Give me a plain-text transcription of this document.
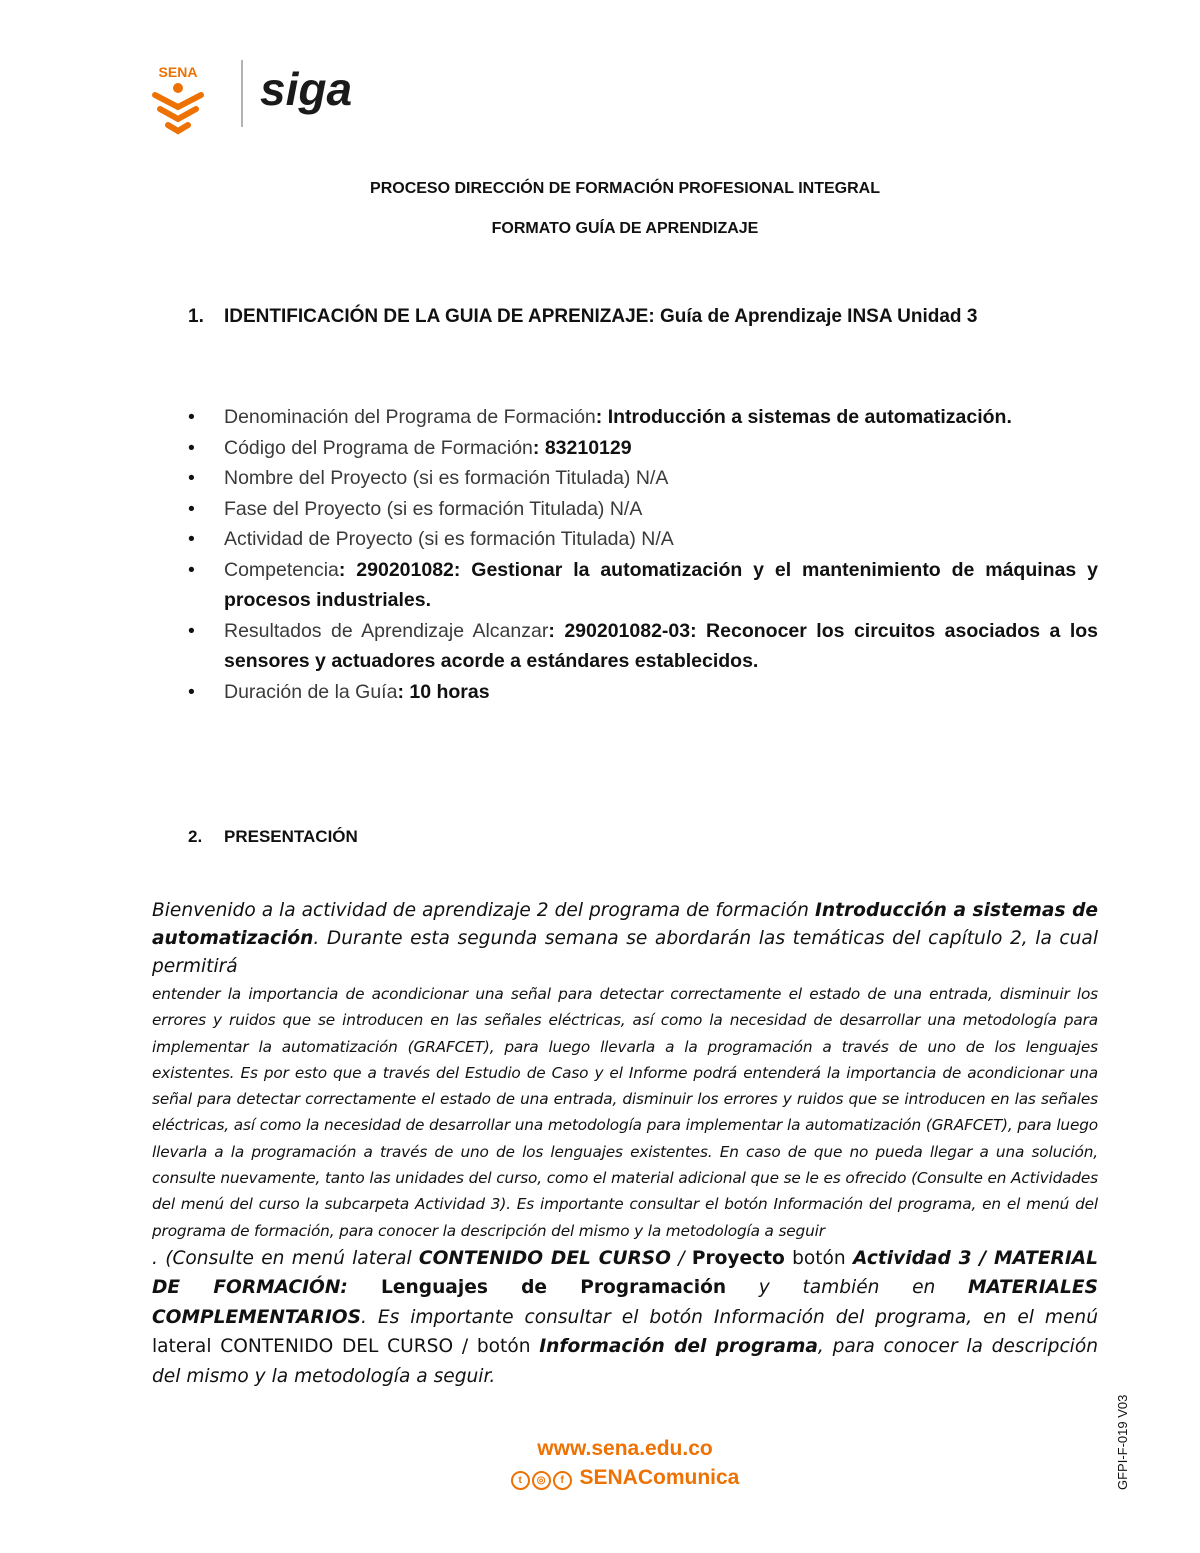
SENA siga
PROCESO DIRECCIÓN DE FORMACIÓN PROFESIONAL INTEGRAL
FORMATO GUÍA DE APRENDIZAJE
1. IDENTIFICACIÓN DE LA GUIA DE APRENIZAJE: Guía de Aprendizaje INSA Unidad 3
• Denominación del Programa de Formación: Introducción a sistemas de automatización.
• Código del Programa de Formación: 83210129
• Nombre del Proyecto (si es formación Titulada) N/A
• Fase del Proyecto (si es formación Titulada) N/A
• Actividad de Proyecto (si es formación Titulada) N/A
• Competencia: 290201082: Gestionar la automatización y el mantenimiento de máquinas y procesos industriales.
• Resultados de Aprendizaje Alcanzar: 290201082-03: Reconocer los circuitos asociados a los sensores y actuadores acorde a estándares establecidos.
• Duración de la Guía: 10 horas
2. PRESENTACIÓN
Bienvenido a la actividad de aprendizaje 2 del programa de formación Introducción a sistemas de automatización. Durante esta segunda semana se abordarán las temáticas del capítulo 2, la cual permitirá
entender la importancia de acondicionar una señal para detectar correctamente el estado de una entrada, disminuir los errores y ruidos que se introducen en las señales eléctricas, así como la necesidad de desarrollar una metodología para implementar la automatización (GRAFCET), para luego llevarla a la programación a través de uno de los lenguajes existentes. Es por esto que a través del Estudio de Caso y el Informe podrá entenderá la importancia de acondicionar una señal para detectar correctamente el estado de una entrada, disminuir los errores y ruidos que se introducen en las señales eléctricas, así como la necesidad de desarrollar una metodología para implementar la automatización (GRAFCET), para luego llevarla a la programación a través de uno de los lenguajes existentes. En caso de que no pueda llegar a una solución, consulte nuevamente, tanto las unidades del curso, como el material adicional que se le es ofrecido (Consulte en Actividades del menú del curso la subcarpeta Actividad 3). Es importante consultar el botón Información del programa, en el menú del programa de formación, para conocer la descripción del mismo y la metodología a seguir
. (Consulte en menú lateral CONTENIDO DEL CURSO / Proyecto botón Actividad 3 / MATERIAL DE FORMACIÓN: Lenguajes de Programación y también en MATERIALES COMPLEMENTARIOS. Es importante consultar el botón Información del programa, en el menú lateral CONTENIDO DEL CURSO / botón Información del programa, para conocer la descripción del mismo y la metodología a seguir.
www.sena.edu.co
t ◎ f SENAComunica	GFPI-F-019 V03
